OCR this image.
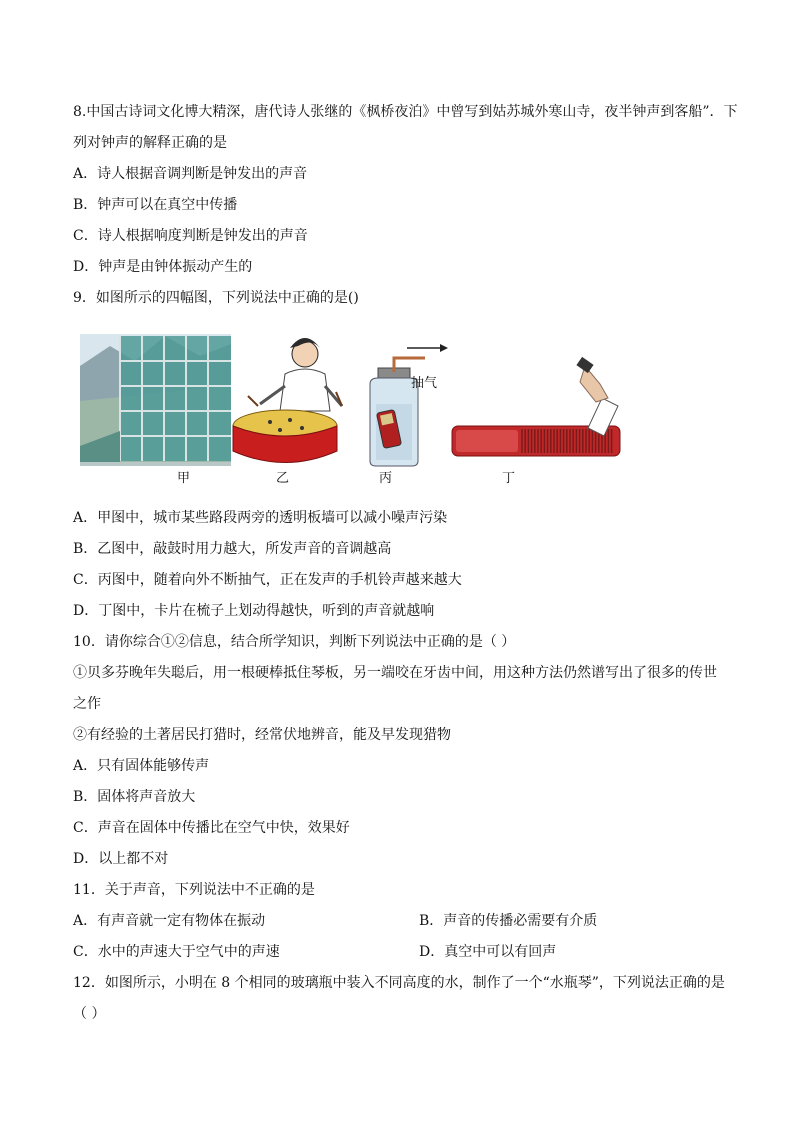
8.中国古诗词文化博大精深，唐代诗人张继的《枫桥夜泊》中曾写到姑苏城外寒山寺，夜半钟声到客船”．下
列对钟声的解释正确的是
A．诗人根据音调判断是钟发出的声音
B．钟声可以在真空中传播
C．诗人根据响度判断是钟发出的声音
D．钟声是由钟体振动产生的
9．如图所示的四幅图，下列说法中正确的是()
抽气
甲	乙	丙	丁
A．甲图中，城市某些路段两旁的透明板墙可以减小噪声污染
B．乙图中，敲鼓时用力越大，所发声音的音调越高
C．丙图中，随着向外不断抽气，正在发声的手机铃声越来越大
D．丁图中，卡片在梳子上划动得越快，听到的声音就越响
10．请你综合①②信息，结合所学知识，判断下列说法中正确的是（ ）
①贝多芬晚年失聪后，用一根硬棒抵住琴板，另一端咬在牙齿中间，用这种方法仍然谱写出了很多的传世
之作
②有经验的土著居民打猎时，经常伏地辨音，能及早发现猎物
A．只有固体能够传声
B．固体将声音放大
C．声音在固体中传播比在空气中快，效果好
D．以上都不对
11．关于声音，下列说法中不正确的是
A．有声音就一定有物体在振动	B．声音的传播必需要有介质
C．水中的声速大于空气中的声速	D．真空中可以有回声
12．如图所示，小明在 8 个相同的玻璃瓶中装入不同高度的水，制作了一个“水瓶琴”，下列说法正确的是
（ ）
